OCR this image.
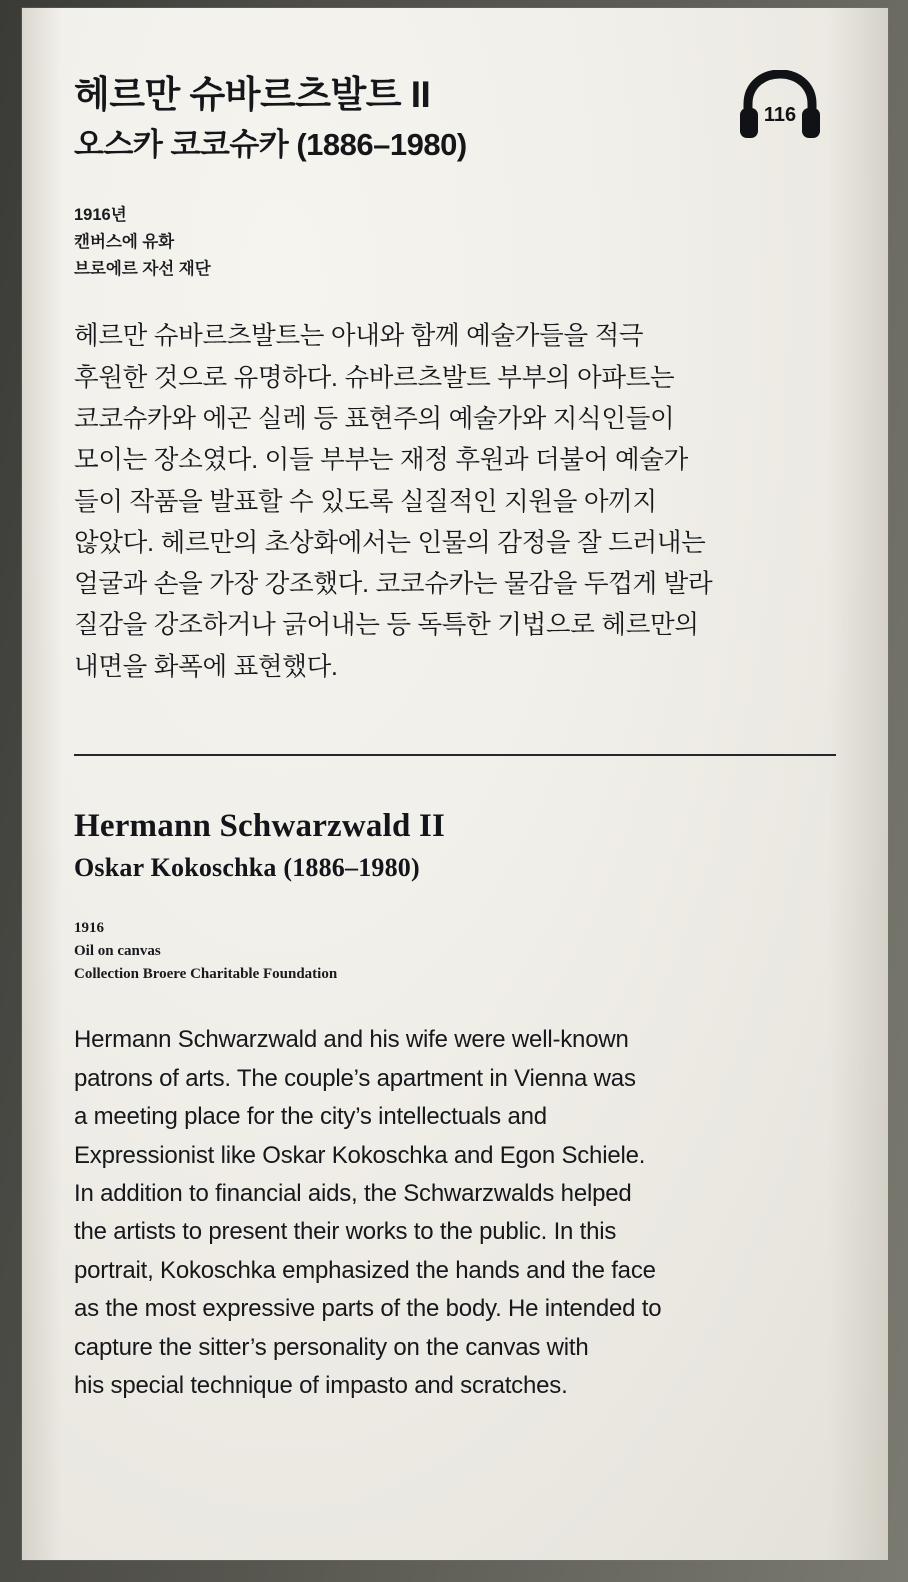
116
헤르만 슈바르츠발트 II
오스카 코코슈카 (1886–1980)
1916년
캔버스에 유화
브로에르 자선 재단

헤르만 슈바르츠발트는 아내와 함께 예술가들을 적극
후원한 것으로 유명하다. 슈바르츠발트 부부의 아파트는
코코슈카와 에곤 실레 등 표현주의 예술가와 지식인들이
모이는 장소였다. 이들 부부는 재정 후원과 더불어 예술가
들이 작품을 발표할 수 있도록 실질적인 지원을 아끼지
않았다. 헤르만의 초상화에서는 인물의 감정을 잘 드러내는
얼굴과 손을 가장 강조했다. 코코슈카는 물감을 두껍게 발라
질감을 강조하거나 긁어내는 등 독특한 기법으로 헤르만의
내면을 화폭에 표현했다.

Hermann Schwarzwald II
Oskar Kokoschka (1886–1980)
1916
Oil on canvas
Collection Broere Charitable Foundation

Hermann Schwarzwald and his wife were well-known
patrons of arts. The couple’s apartment in Vienna was
a meeting place for the city’s intellectuals and
Expressionist like Oskar Kokoschka and Egon Schiele.
In addition to financial aids, the Schwarzwalds helped
the artists to present their works to the public. In this
portrait, Kokoschka emphasized the hands and the face
as the most expressive parts of the body. He intended to
capture the sitter’s personality on the canvas with
his special technique of impasto and scratches.
